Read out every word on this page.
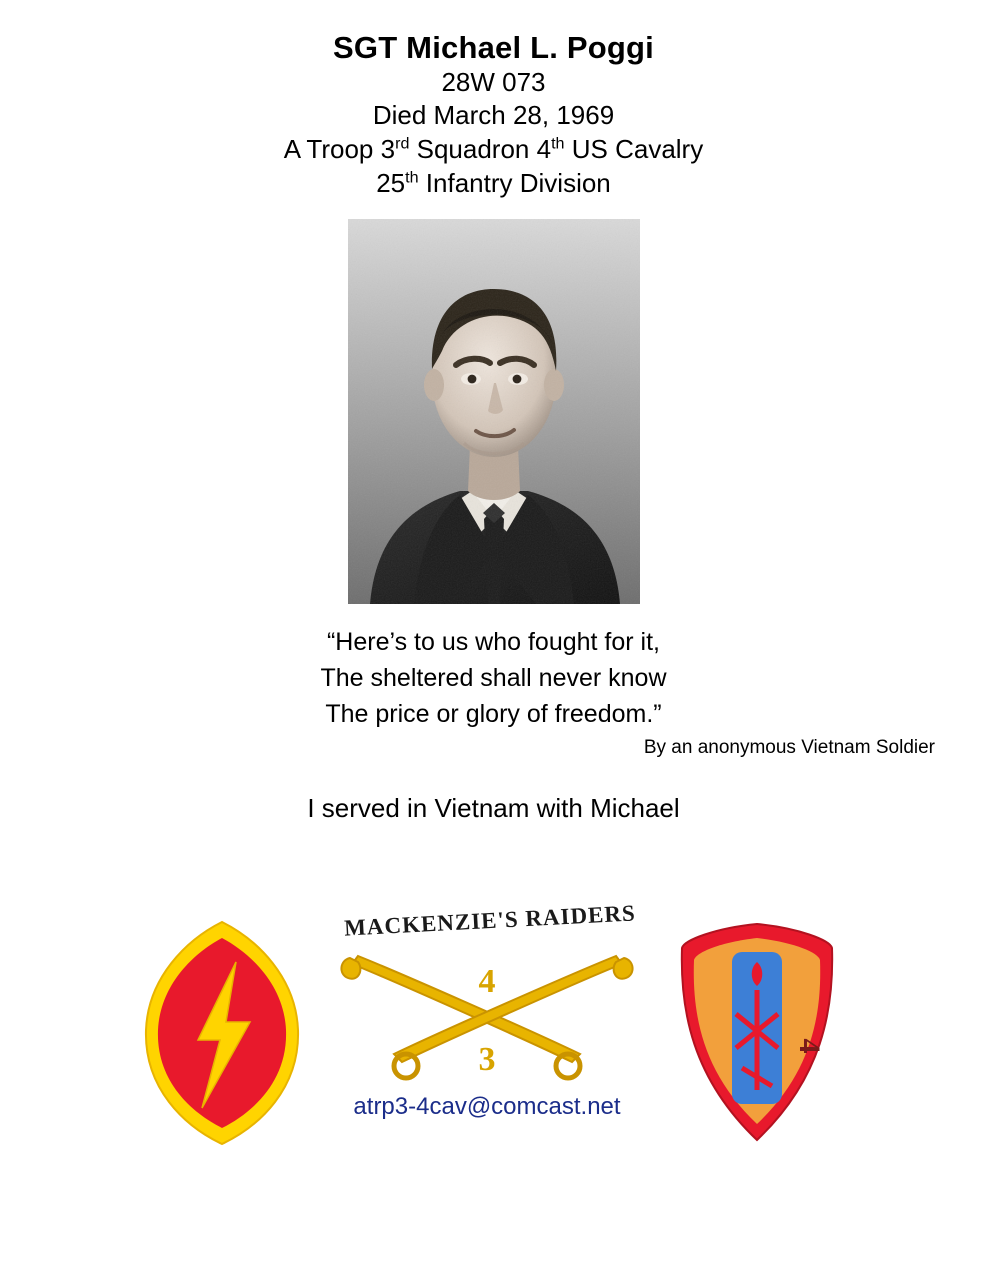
SGT Michael L. Poggi
28W 073
Died March 28, 1969
A Troop 3rd Squadron 4th US Cavalry
25th Infantry Division
“Here’s to us who fought for it,
The sheltered shall never know
The price or glory of freedom.”
By an anonymous Vietnam Soldier
I served in Vietnam with Michael
MACKENZIE'S RAIDERS
4
3
atrp3-4cav@comcast.net
4
